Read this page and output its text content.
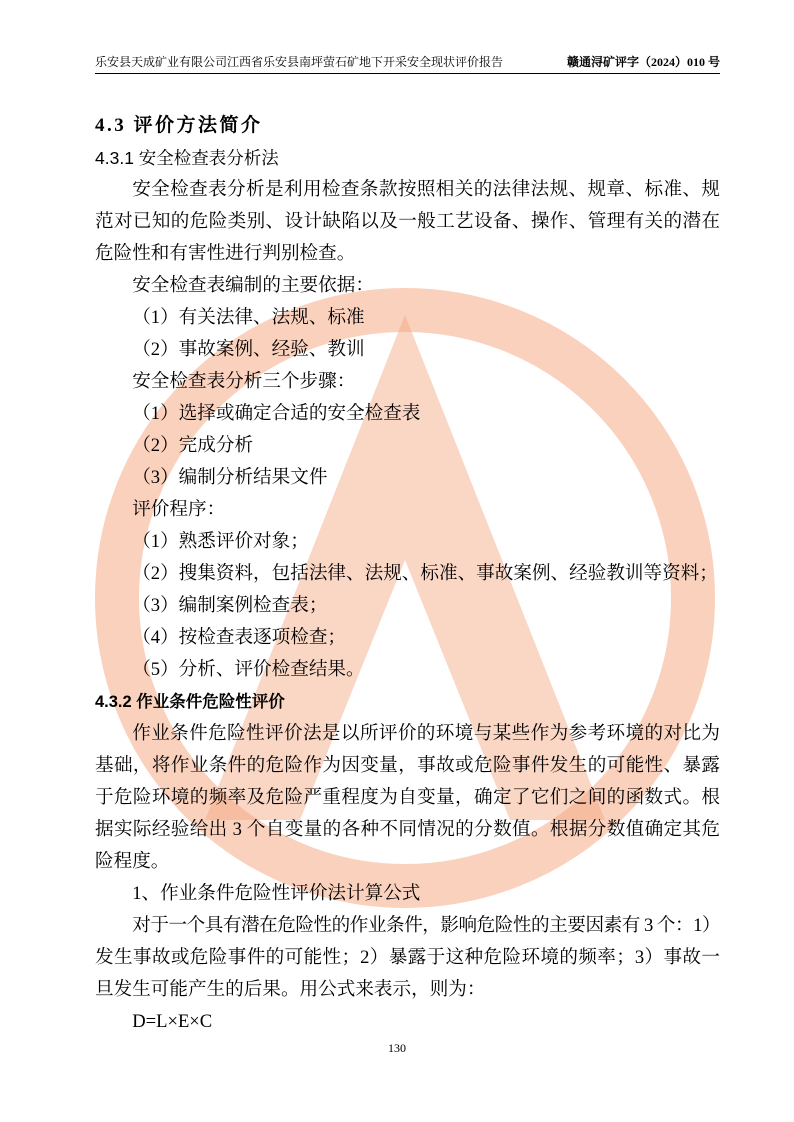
乐安县天成矿业有限公司江西省乐安县南坪萤石矿地下开采安全现状评价报告	赣通浔矿评字（2024）010 号
4.3 评价方法简介
4.3.1 安全检查表分析法
安全检查表分析是利用检查条款按照相关的法律法规、规章、标准、规
范对已知的危险类别、设计缺陷以及一般工艺设备、操作、管理有关的潜在
危险性和有害性进行判别检查。
安全检查表编制的主要依据：
（1）有关法律、法规、标准
（2）事故案例、经验、教训
安全检查表分析三个步骤：
（1）选择或确定合适的安全检查表
（2）完成分析
（3）编制分析结果文件
评价程序：
（1）熟悉评价对象；
（2）搜集资料，包括法律、法规、标准、事故案例、经验教训等资料；
（3）编制案例检查表；
（4）按检查表逐项检查；
（5）分析、评价检查结果。
4.3.2 作业条件危险性评价
作业条件危险性评价法是以所评价的环境与某些作为参考环境的对比为
基础，将作业条件的危险作为因变量，事故或危险事件发生的可能性、暴露
于危险环境的频率及危险严重程度为自变量，确定了它们之间的函数式。根
据实际经验给出 3 个自变量的各种不同情况的分数值。根据分数值确定其危
险程度。
1、作业条件危险性评价法计算公式
对于一个具有潜在危险性的作业条件，影响危险性的主要因素有 3 个：1）
发生事故或危险事件的可能性；2）暴露于这种危险环境的频率；3）事故一
旦发生可能产生的后果。用公式来表示，则为：
D=L×E×C
130
